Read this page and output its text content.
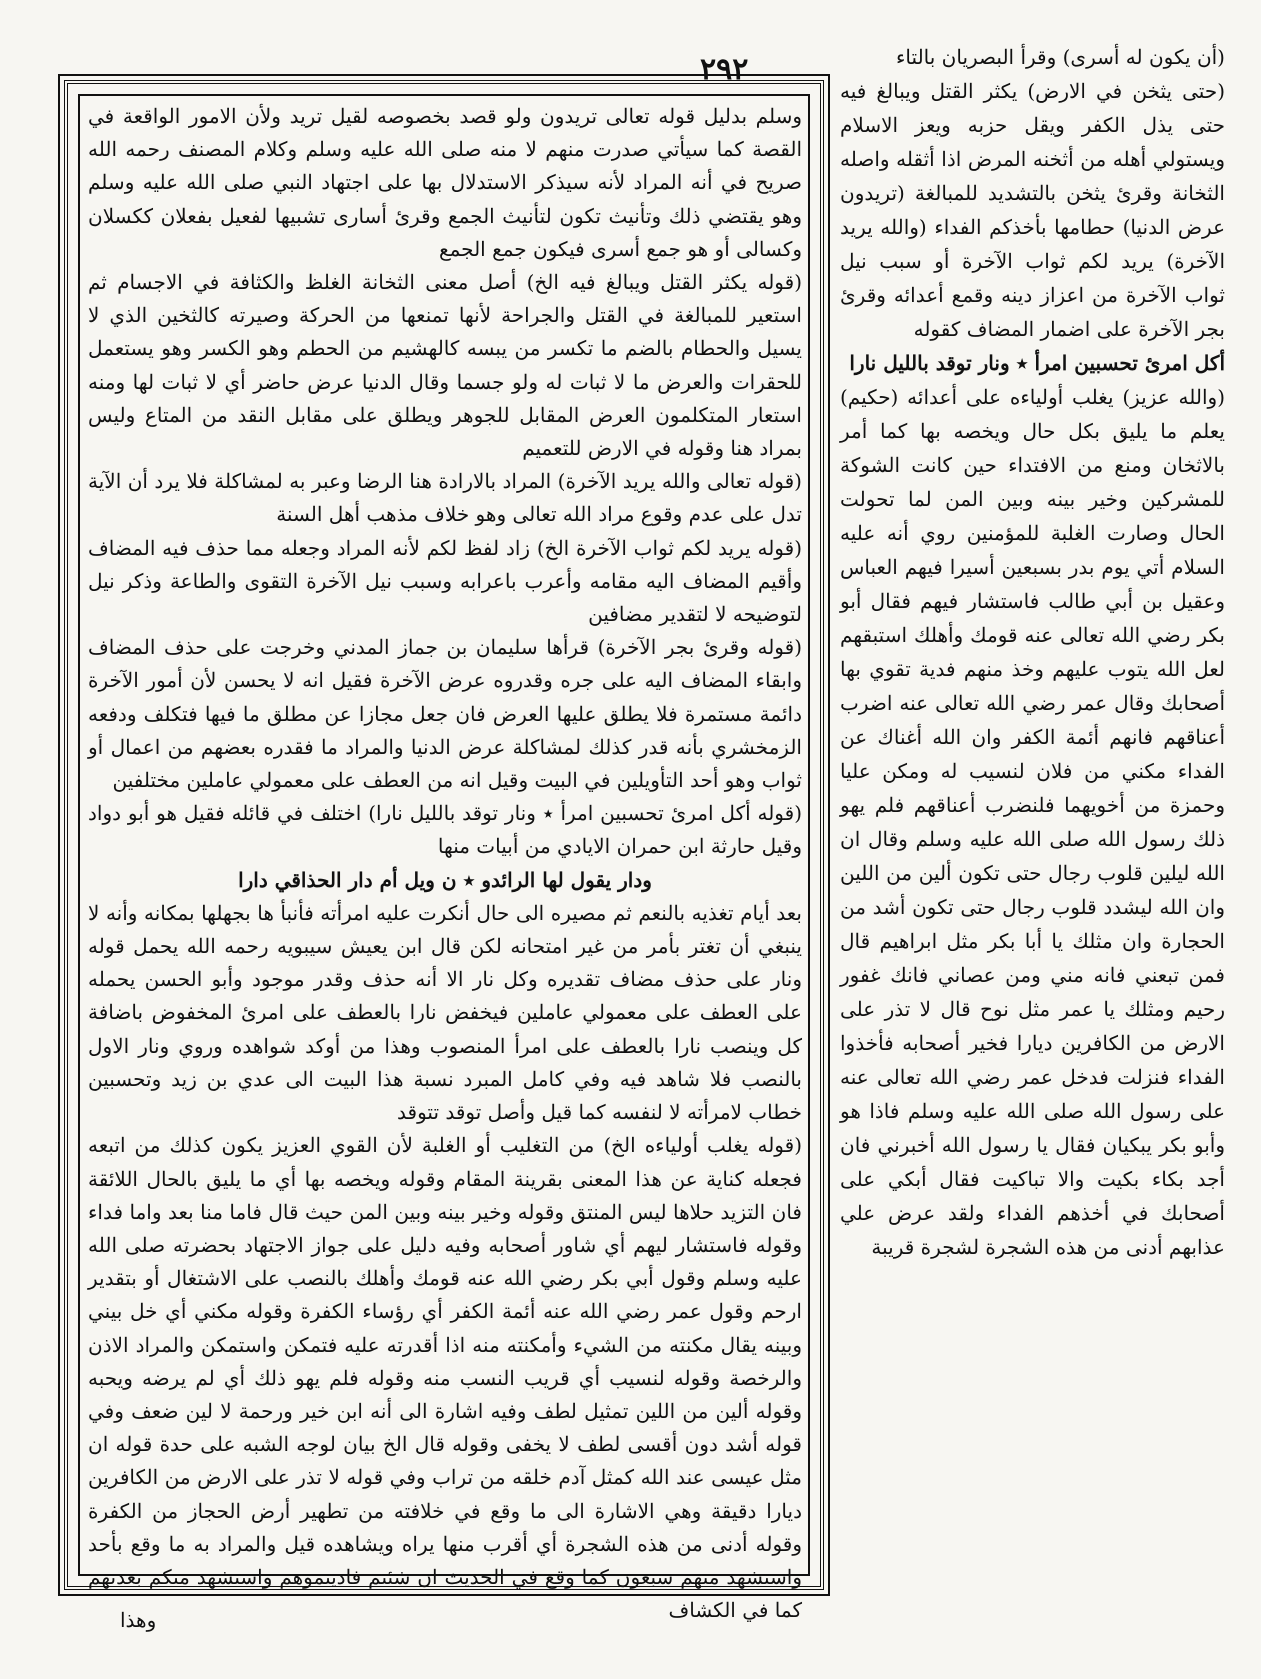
٢٩٢

وسلم بدليل قوله تعالى تريدون ولو قصد بخصوصه لقيل تريد ولأن الامور الواقعة في القصة كما سيأتي صدرت منهم لا منه صلى الله عليه وسلم وكلام المصنف رحمه الله صريح في أنه المراد لأنه سيذكر الاستدلال بها على اجتهاد النبي صلى الله عليه وسلم وهو يقتضي ذلك وتأنيث تكون لتأنيث الجمع وقرئ أسارى تشبيها لفعيل بفعلان ككسلان وكسالى أو هو جمع أسرى فيكون جمع الجمع

(قوله يكثر القتل ويبالغ فيه الخ) أصل معنى الثخانة الغلظ والكثافة في الاجسام ثم استعير للمبالغة في القتل والجراحة لأنها تمنعها من الحركة وصيرته كالثخين الذي لا يسيل والحطام بالضم ما تكسر من يبسه كالهشيم من الحطم وهو الكسر وهو يستعمل للحقرات والعرض ما لا ثبات له ولو جسما وقال الدنيا عرض حاضر أي لا ثبات لها ومنه استعار المتكلمون العرض المقابل للجوهر ويطلق على مقابل النقد من المتاع وليس بمراد هنا وقوله في الارض للتعميم

(قوله تعالى والله يريد الآخرة) المراد بالارادة هنا الرضا وعبر به لمشاكلة فلا يرد أن الآية تدل على عدم وقوع مراد الله تعالى وهو خلاف مذهب أهل السنة

(قوله يريد لكم ثواب الآخرة الخ) زاد لفظ لكم لأنه المراد وجعله مما حذف فيه المضاف وأقيم المضاف اليه مقامه وأعرب باعرابه وسبب نيل الآخرة التقوى والطاعة وذكر نيل لتوضيحه لا لتقدير مضافين

(قوله وقرئ بجر الآخرة) قرأها سليمان بن جماز المدني وخرجت على حذف المضاف وابقاء المضاف اليه على جره وقدروه عرض الآخرة فقيل انه لا يحسن لأن أمور الآخرة دائمة مستمرة فلا يطلق عليها العرض فان جعل مجازا عن مطلق ما فيها فتكلف ودفعه الزمخشري بأنه قدر كذلك لمشاكلة عرض الدنيا والمراد ما فقدره بعضهم من اعمال أو ثواب وهو أحد التأويلين في البيت وقيل انه من العطف على معمولي عاملين مختلفين

(قوله أكل امرئ تحسبين امرأ ٭ ونار توقد بالليل نارا) اختلف في قائله فقيل هو أبو دواد وقيل حارثة ابن حمران الايادي من أبيات منها

ودار يقول لها الرائدو ٭ ن ويل أم دار الحذاقي دارا

بعد أيام تغذيه بالنعم ثم مصيره الى حال أنكرت عليه امرأته فأنبأ ها بجهلها بمكانه وأنه لا ينبغي أن تغتر بأمر من غير امتحانه لكن قال ابن يعيش سيبويه رحمه الله يحمل قوله ونار على حذف مضاف تقديره وكل نار الا أنه حذف وقدر موجود وأبو الحسن يحمله على العطف على معمولي عاملين فيخفض نارا بالعطف على امرئ المخفوض باضافة كل وينصب نارا بالعطف على امرأ المنصوب وهذا من أوكد شواهده وروي ونار الاول بالنصب فلا شاهد فيه وفي كامل المبرد نسبة هذا البيت الى عدي بن زيد وتحسبين خطاب لامرأته لا لنفسه كما قيل وأصل توقد تتوقد

(قوله يغلب أولياءه الخ) من التغليب أو الغلبة لأن القوي العزيز يكون كذلك من اتبعه فجعله كناية عن هذا المعنى بقرينة المقام وقوله ويخصه بها أي ما يليق بالحال اللائقة فان التزيد حلاها ليس المنتق وقوله وخير بينه وبين المن حيث قال فاما منا بعد واما فداء وقوله فاستشار ليهم أي شاور أصحابه وفيه دليل على جواز الاجتهاد بحضرته صلى الله عليه وسلم وقول أبي بكر رضي الله عنه قومك وأهلك بالنصب على الاشتغال أو بتقدير ارحم وقول عمر رضي الله عنه أئمة الكفر أي رؤساء الكفرة وقوله مكني أي خل بيني وبينه يقال مكنته من الشيء وأمكنته منه اذا أقدرته عليه فتمكن واستمكن والمراد الاذن والرخصة وقوله لنسيب أي قريب النسب منه وقوله فلم يهو ذلك أي لم يرضه ويحبه وقوله ألين من اللين تمثيل لطف وفيه اشارة الى أنه ابن خير ورحمة لا لين ضعف وفي قوله أشد دون أقسى لطف لا يخفى وقوله قال الخ بيان لوجه الشبه على حدة قوله ان مثل عيسى عند الله كمثل آدم خلقه من تراب وفي قوله لا تذر على الارض من الكافرين ديارا دقيقة وهي الاشارة الى ما وقع في خلافته من تطهير أرض الحجاز من الكفرة وقوله أدنى من هذه الشجرة أي أقرب منها يراه ويشاهده قيل والمراد به ما وقع بأحد واستشهد منهم سبعون كما وقع في الحديث ان شئتم فاديتموهم واستشهد منكم بعدتهم كما في الكشاف

(أن يكون له أسرى) وقرأ البصريان بالتاء

(حتى يثخن في الارض) يكثر القتل ويبالغ فيه حتى يذل الكفر ويقل حزبه ويعز الاسلام ويستولي أهله من أثخنه المرض اذا أثقله واصله الثخانة وقرئ يثخن بالتشديد للمبالغة (تريدون عرض الدنيا) حطامها بأخذكم الفداء (والله يريد الآخرة) يريد لكم ثواب الآخرة أو سبب نيل ثواب الآخرة من اعزاز دينه وقمع أعدائه وقرئ بجر الآخرة على اضمار المضاف كقوله

أكل امرئ تحسبين امرأ ٭ ونار توقد بالليل نارا

(والله عزيز) يغلب أولياءه على أعدائه (حكيم) يعلم ما يليق بكل حال ويخصه بها كما أمر بالاثخان ومنع من الافتداء حين كانت الشوكة للمشركين وخير بينه وبين المن لما تحولت الحال وصارت الغلبة للمؤمنين روي أنه عليه السلام أتي يوم بدر بسبعين أسيرا فيهم العباس وعقيل بن أبي طالب فاستشار فيهم فقال أبو بكر رضي الله تعالى عنه قومك وأهلك استبقهم لعل الله يتوب عليهم وخذ منهم فدية تقوي بها أصحابك وقال عمر رضي الله تعالى عنه اضرب أعناقهم فانهم أئمة الكفر وان الله أغناك عن الفداء مكني من فلان لنسيب له ومكن عليا وحمزة من أخويهما فلنضرب أعناقهم فلم يهو ذلك رسول الله صلى الله عليه وسلم وقال ان الله ليلين قلوب رجال حتى تكون ألين من اللين وان الله ليشدد قلوب رجال حتى تكون أشد من الحجارة وان مثلك يا أبا بكر مثل ابراهيم قال فمن تبعني فانه مني ومن عصاني فانك غفور رحيم ومثلك يا عمر مثل نوح قال لا تذر على الارض من الكافرين ديارا فخير أصحابه فأخذوا الفداء فنزلت فدخل عمر رضي الله تعالى عنه على رسول الله صلى الله عليه وسلم فاذا هو وأبو بكر يبكيان فقال يا رسول الله أخبرني فان أجد بكاء بكيت والا تباكيت فقال أبكي على أصحابك في أخذهم الفداء ولقد عرض علي عذابهم أدنى من هذه الشجرة لشجرة قريبة

وهذا
